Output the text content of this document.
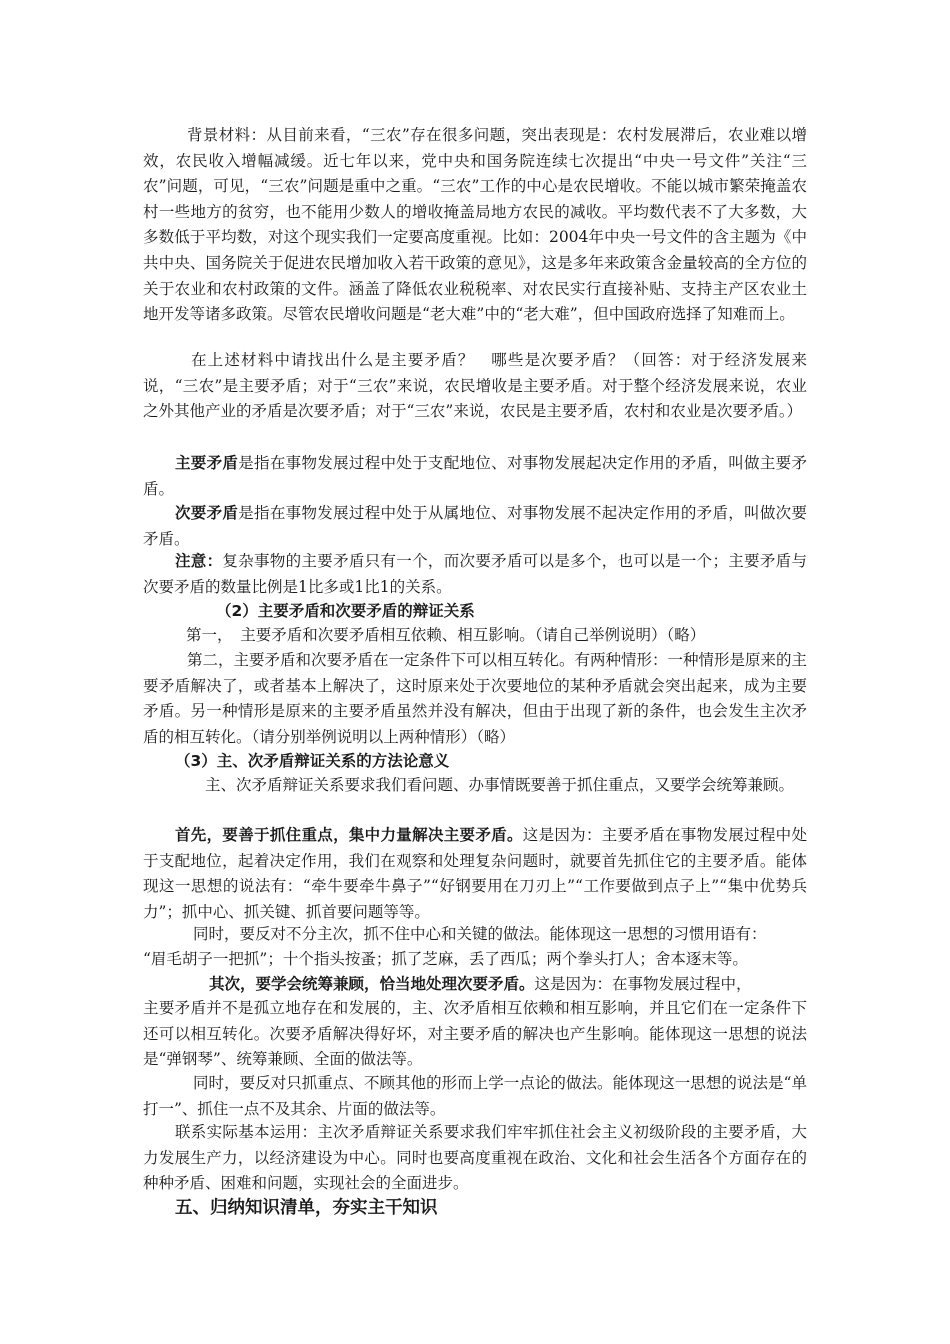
背景材料：从目前来看，“三农”存在很多问题，突出表现是：农村发展滞后，农业难以增效，农民收入增幅减缓。近七年以来，党中央和国务院连续七次提出“中央一号文件”关注“三农”问题，可见，“三农”问题是重中之重。“三农”工作的中心是农民增收。不能以城市繁荣掩盖农村一些地方的贫穷，也不能用少数人的增收掩盖局地方农民的减收。平均数代表不了大多数，大多数低于平均数，对这个现实我们一定要高度重视。比如：2004年中央一号文件的含主题为《中共中央、国务院关于促进农民增加收入若干政策的意见》，这是多年来政策含金量较高的全方位的关于农业和农村政策的文件。涵盖了降低农业税税率、对农民实行直接补贴、支持主产区农业土地开发等诸多政策。尽管农民增收问题是“老大难”中的“老大难”，但中国政府选择了知难而上。

在上述材料中请找出什么是主要矛盾？　哪些是次要矛盾？（回答：对于经济发展来说，“三农”是主要矛盾；对于“三农”来说，农民增收是主要矛盾。对于整个经济发展来说，农业之外其他产业的矛盾是次要矛盾；对于“三农”来说，农民是主要矛盾，农村和农业是次要矛盾。）

主要矛盾是指在事物发展过程中处于支配地位、对事物发展起决定作用的矛盾，叫做主要矛盾。

次要矛盾是指在事物发展过程中处于从属地位、对事物发展不起决定作用的矛盾，叫做次要矛盾。

注意：复杂事物的主要矛盾只有一个，而次要矛盾可以是多个，也可以是一个；主要矛盾与次要矛盾的数量比例是1比多或1比1的关系。

（2）主要矛盾和次要矛盾的辩证关系

第一，　主要矛盾和次要矛盾相互依赖、相互影响。（请自己举例说明）（略）

第二，主要矛盾和次要矛盾在一定条件下可以相互转化。有两种情形：一种情形是原来的主要矛盾解决了，或者基本上解决了，这时原来处于次要地位的某种矛盾就会突出起来，成为主要矛盾。另一种情形是原来的主要矛盾虽然并没有解决，但由于出现了新的条件，也会发生主次矛盾的相互转化。（请分别举例说明以上两种情形）（略）

（3）主、次矛盾辩证关系的方法论意义

主、次矛盾辩证关系要求我们看问题、办事情既要善于抓住重点，又要学会统筹兼顾。

首先，要善于抓住重点，集中力量解决主要矛盾。这是因为：主要矛盾在事物发展过程中处于支配地位，起着决定作用，我们在观察和处理复杂问题时，就要首先抓住它的主要矛盾。能体现这一思想的说法有：“牵牛要牵牛鼻子”“好钢要用在刀刃上”“工作要做到点子上”“集中优势兵力”；抓中心、抓关键、抓首要问题等等。

同时，要反对不分主次，抓不住中心和关键的做法。能体现这一思想的习惯用语有：

“眉毛胡子一把抓”；十个指头按蚤；抓了芝麻，丢了西瓜；两个拳头打人；舍本逐末等。

其次，要学会统筹兼顾，恰当地处理次要矛盾。这是因为：在事物发展过程中，

主要矛盾并不是孤立地存在和发展的，主、次矛盾相互依赖和相互影响，并且它们在一定条件下还可以相互转化。次要矛盾解决得好坏，对主要矛盾的解决也产生影响。能体现这一思想的说法是“弹钢琴”、统筹兼顾、全面的做法等。

同时，要反对只抓重点、不顾其他的形而上学一点论的做法。能体现这一思想的说法是“单打一”、抓住一点不及其余、片面的做法等。

联系实际基本运用：主次矛盾辩证关系要求我们牢牢抓住社会主义初级阶段的主要矛盾，大力发展生产力，以经济建设为中心。同时也要高度重视在政治、文化和社会生活各个方面存在的种种矛盾、困难和问题，实现社会的全面进步。

五、归纳知识清单，夯实主干知识
